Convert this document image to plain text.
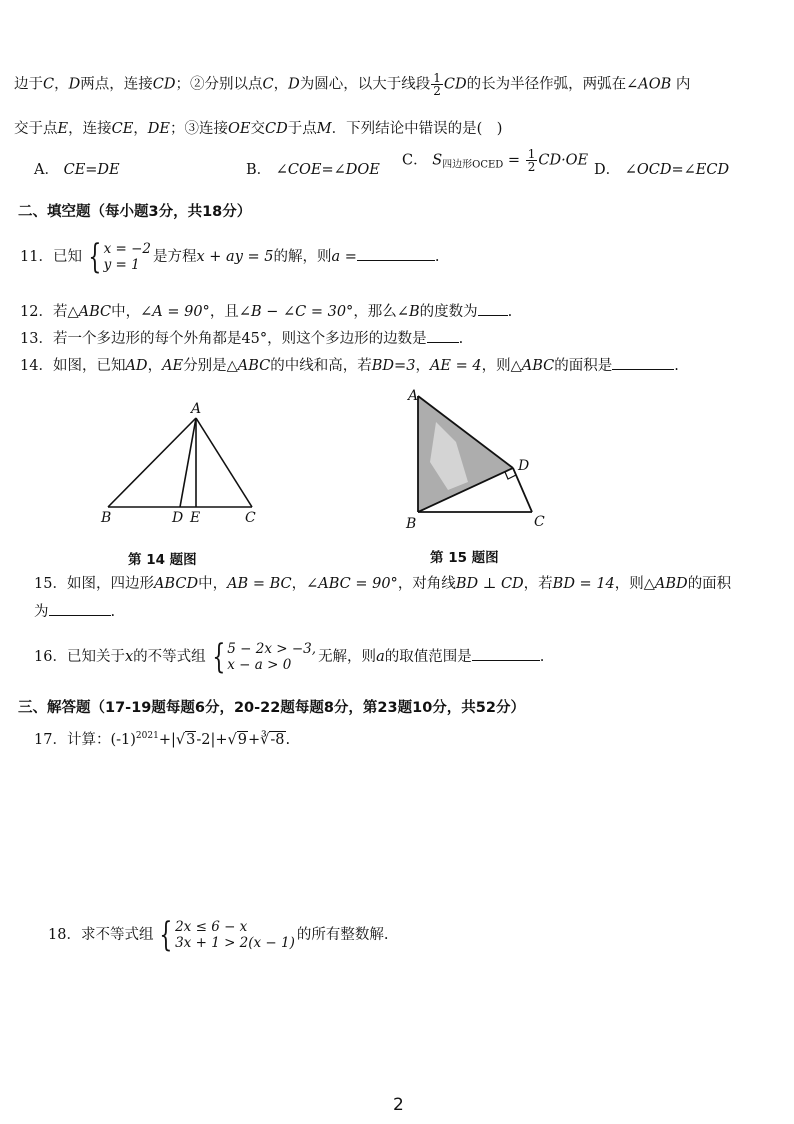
边于C，D两点，连接CD；②分别以点C，D为圆心，以大于线段 $\frac{1}{2}$ CD的长为半径作弧，两弧在∠AOB 内
交于点E，连接CE，DE；③连接OE交CD于点M．下列结论中错误的是(　)
A． CE=DE	B． ∠COE=∠DOE
C． $S_{四边形OCED} = \frac{1}{2} CD\cdot OE$
D． ∠OCD=∠ECD
二、填空题（每小题3分，共18分）
11．已知 { x = −2
y = 1 是方程x + ay = 5的解，则a =	.
12．若△ABC中，∠A = 90°，且∠B − ∠C = 30°，那么∠B的度数为 .
13．若一个多边形的每个外角都是45°，则这个多边形的边数是 .
14．如图，已知AD，AE分别是△ABC的中线和高，若BD=3，AE = 4，则△ABC的面积是	.
A
B	D E	C
第 14 题图
A
B
D
C
第 15 题图
15．如图，四边形ABCD中，AB = BC，∠ABC = 90°，对角线BD ⊥ CD，若BD = 14，则△ABD的面积
为	.
16．已知关于x的不等式组 { 5 − 2x > −3,
x − a > 0	无解，则a的取值范围是	.
三、解答题（17-19题每题6分，20-22题每题8分，第23题10分，共52分）
17．计算：$(-1)^{2021}+|√3-2|+√9+∛-8$.
18．求不等式组 { 2x ≤ 6 − x
3x + 1 > 2(x − 1) 的所有整数解.
2
